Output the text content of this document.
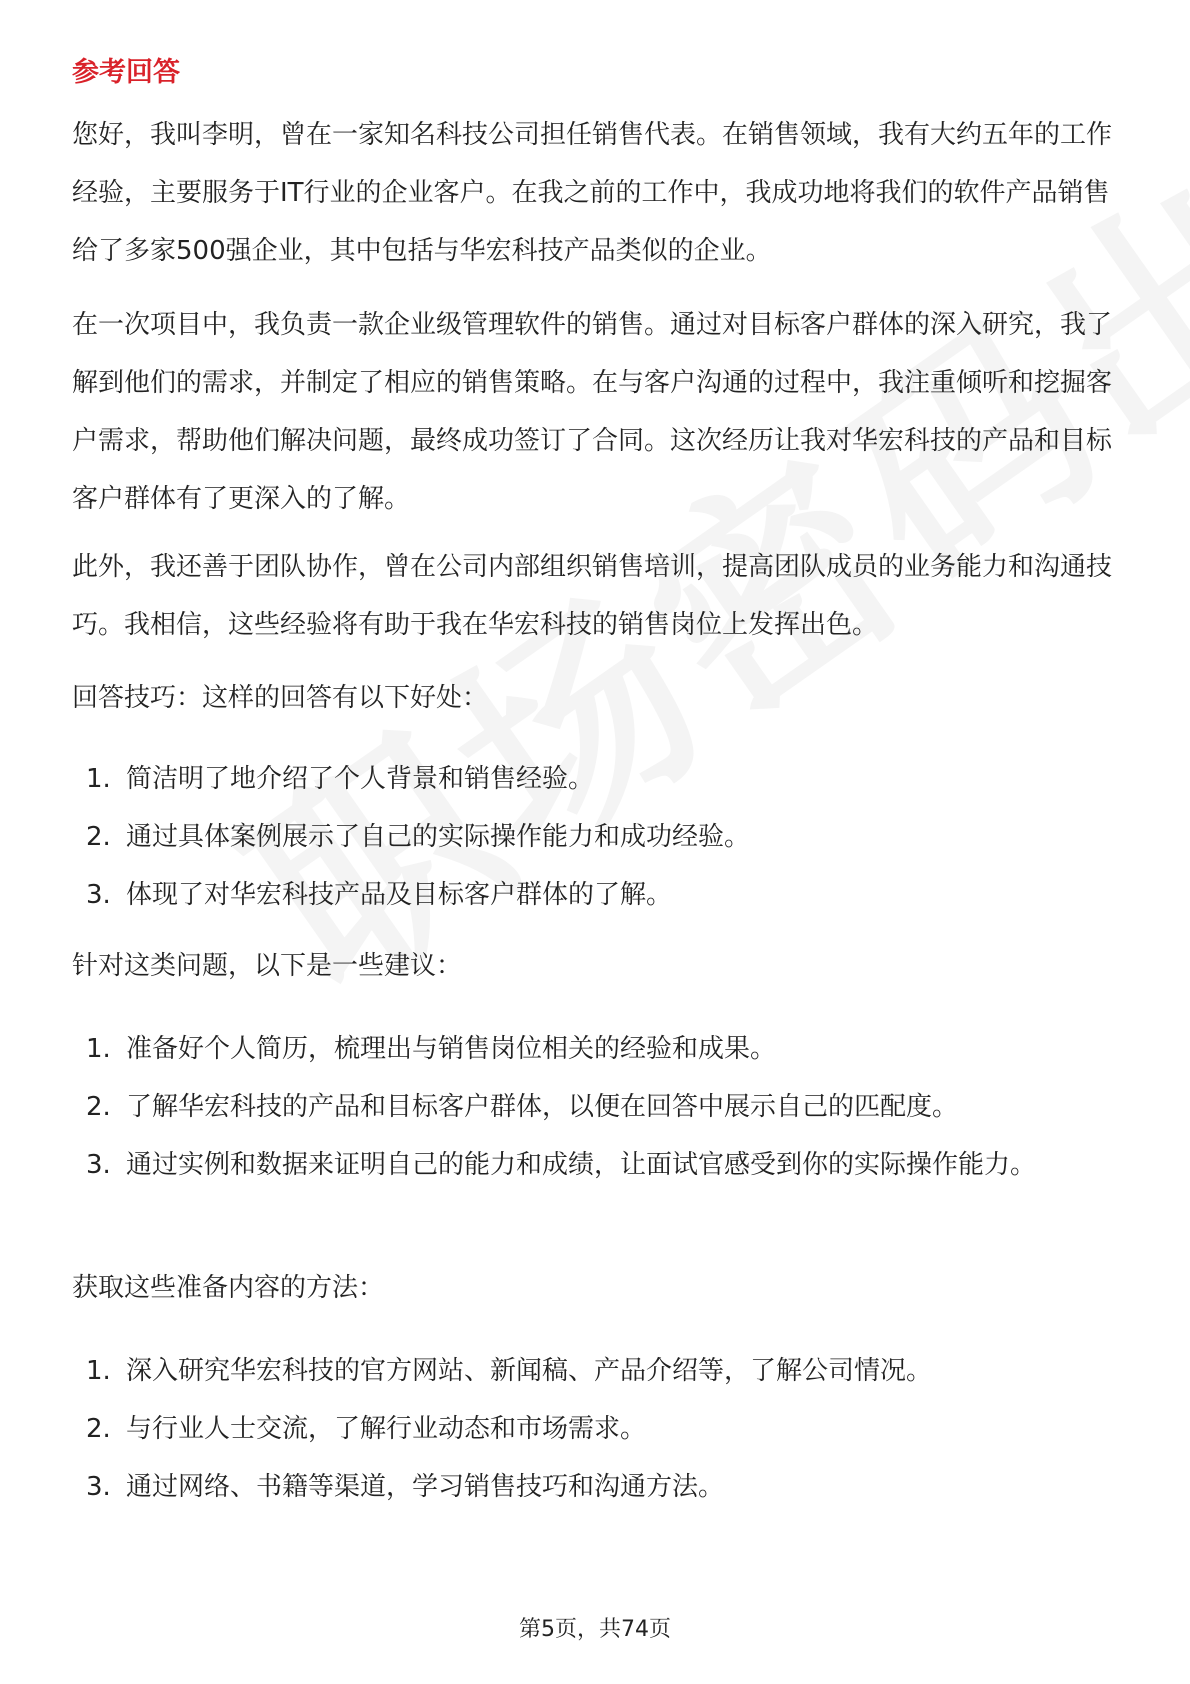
参考回答

您好，我叫李明，曾在一家知名科技公司担任销售代表。在销售领域，我有大约五年的工作经验，主要服务于IT行业的企业客户。在我之前的工作中，我成功地将我们的软件产品销售给了多家500强企业，其中包括与华宏科技产品类似的企业。

在一次项目中，我负责一款企业级管理软件的销售。通过对目标客户群体的深入研究，我了解到他们的需求，并制定了相应的销售策略。在与客户沟通的过程中，我注重倾听和挖掘客户需求，帮助他们解决问题，最终成功签订了合同。这次经历让我对华宏科技的产品和目标客户群体有了更深入的了解。

此外，我还善于团队协作，曾在公司内部组织销售培训，提高团队成员的业务能力和沟通技巧。我相信，这些经验将有助于我在华宏科技的销售岗位上发挥出色。

回答技巧：这样的回答有以下好处：

1. 简洁明了地介绍了个人背景和销售经验。
2. 通过具体案例展示了自己的实际操作能力和成功经验。
3. 体现了对华宏科技产品及目标客户群体的了解。

针对这类问题，以下是一些建议：

1. 准备好个人简历，梳理出与销售岗位相关的经验和成果。
2. 了解华宏科技的产品和目标客户群体，以便在回答中展示自己的匹配度。
3. 通过实例和数据来证明自己的能力和成绩，让面试官感受到你的实际操作能力。

获取这些准备内容的方法：

1. 深入研究华宏科技的官方网站、新闻稿、产品介绍等，了解公司情况。
2. 与行业人士交流，了解行业动态和市场需求。
3. 通过网络、书籍等渠道，学习销售技巧和沟通方法。
第5页，共74页
